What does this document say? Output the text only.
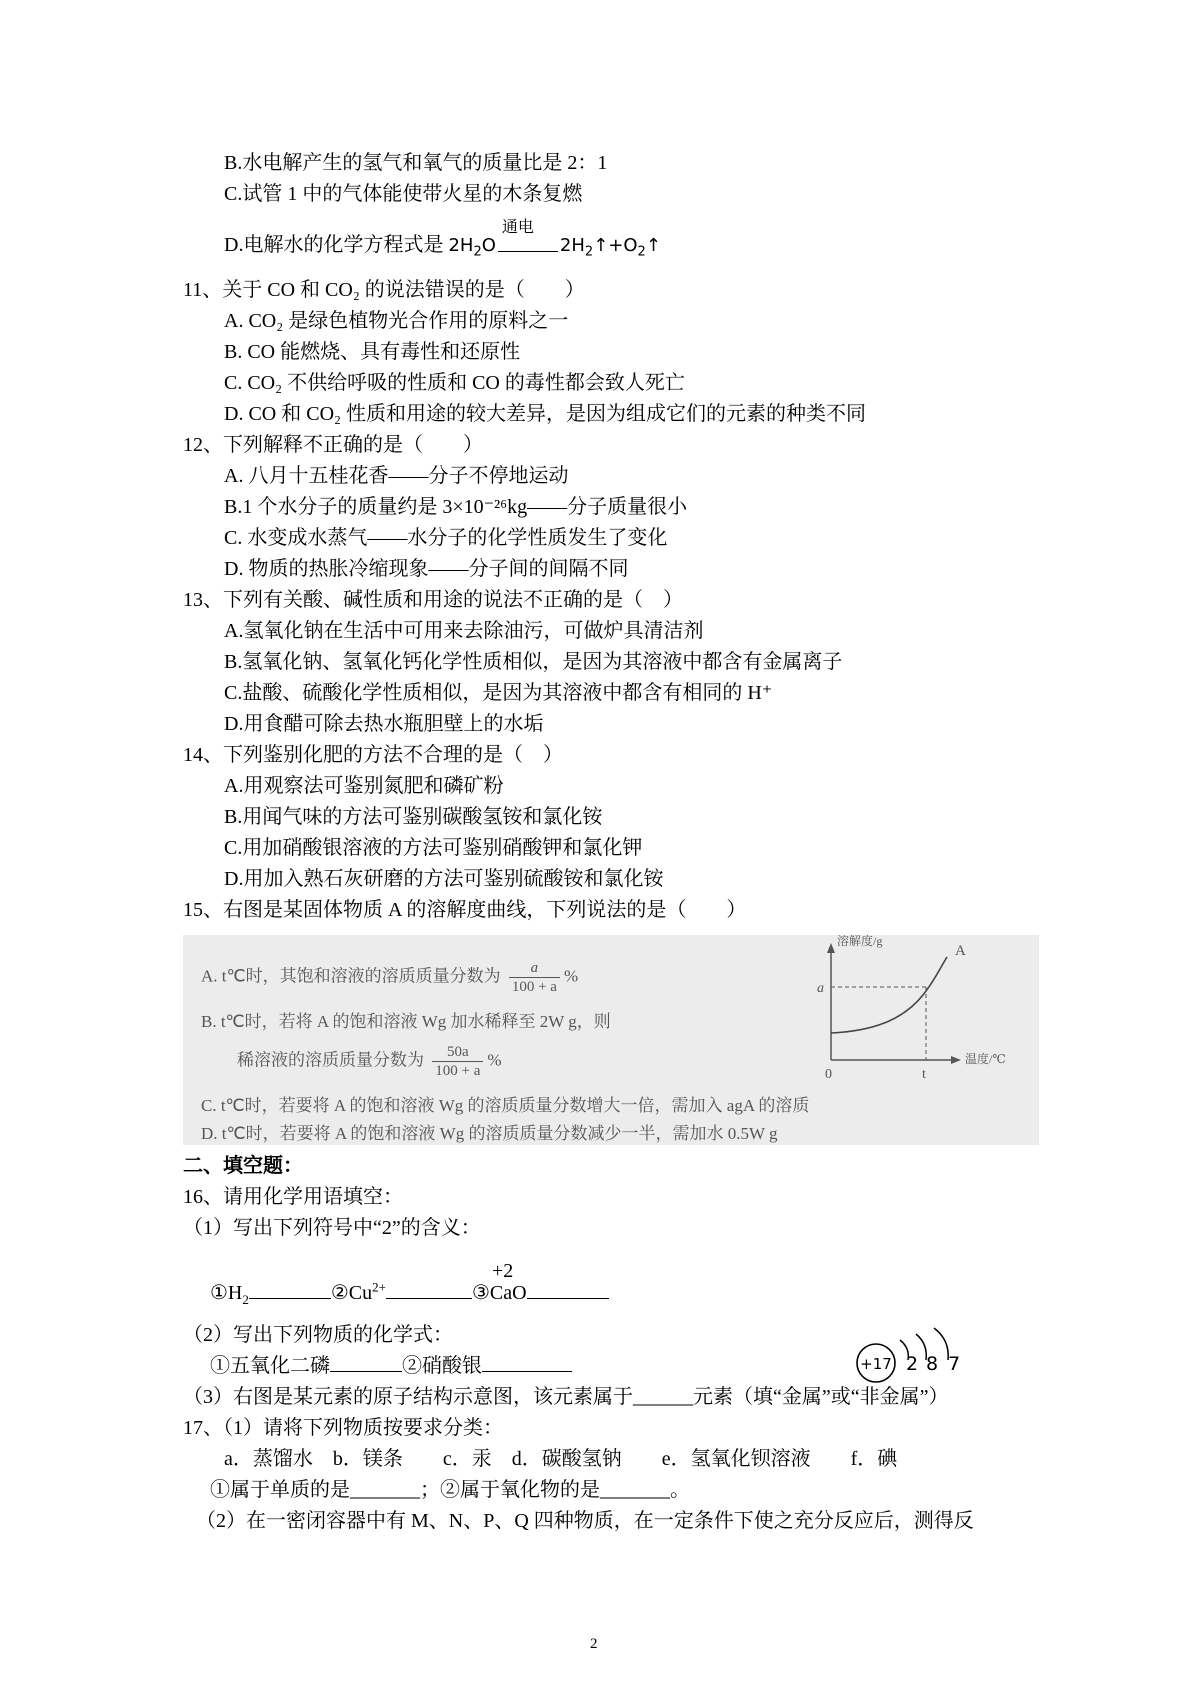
B.水电解产生的氢气和氧气的质量比是 2：1
C.试管 1 中的气体能使带火星的木条复燃
D.电解水的化学方程式是 $2H_2O$
通电
$2H_2↑+O_2↑$
11、关于 CO 和 CO₂ 的说法错误的是（　　）
A. CO₂ 是绿色植物光合作用的原料之一
B. CO 能燃烧、具有毒性和还原性
C. CO₂ 不供给呼吸的性质和 CO 的毒性都会致人死亡
D. CO 和 CO₂ 性质和用途的较大差异，是因为组成它们的元素的种类不同
12、下列解释不正确的是（　　）
A. 八月十五桂花香——分子不停地运动
B.1 个水分子的质量约是 3×10⁻²⁶kg——分子质量很小
C. 水变成水蒸气——水分子的化学性质发生了变化
D. 物质的热胀冷缩现象——分子间的间隔不同
13、下列有关酸、碱性质和用途的说法不正确的是（　）
A.氢氧化钠在生活中可用来去除油污，可做炉具清洁剂
B.氢氧化钠、氢氧化钙化学性质相似，是因为其溶液中都含有金属离子
C.盐酸、硫酸化学性质相似，是因为其溶液中都含有相同的 H⁺
D.用食醋可除去热水瓶胆壁上的水垢
14、下列鉴别化肥的方法不合理的是（　）
A.用观察法可鉴别氮肥和磷矿粉
B.用闻气味的方法可鉴别碳酸氢铵和氯化铵
C.用加硝酸银溶液的方法可鉴别硝酸钾和氯化钾
D.用加入熟石灰研磨的方法可鉴别硫酸铵和氯化铵
15、右图是某固体物质 A 的溶解度曲线，下列说法的是（　　）
A. t℃时，其饱和溶液的溶质质量分数为 $\frac{a}{100 + a}$ %
B. t℃时，若将 A 的饱和溶液 Wg 加水稀释至 2W g，则
稀溶液的溶质质量分数为 $\frac{50a}{100 + a}$ %
C. t℃时，若要将 A 的饱和溶液 Wg 的溶质质量分数增大一倍，需加入 agA 的溶质
D. t℃时，若要将 A 的饱和溶液 Wg 的溶质质量分数减少一半，需加水 0.5W g
溶解度/g
A
a
t
0
温度/℃
二、填空题：
16、请用化学用语填空：
（1）写出下列符号中“2”的含义：
$①H_2$	$②Cu^{2+}$
+2
③CaO
（2）写出下列物质的化学式：
①五氧化二磷	②硝酸银	+17 2 8 7
（3）右图是某元素的原子结构示意图，该元素属于______元素（填“金属”或“非金属”）
17、（1）请将下列物质按要求分类：
a．蒸馏水　b．镁条　　c．汞　d．碳酸氢钠　　e．氢氧化钡溶液　　f．碘
①属于单质的是_______；②属于氧化物的是_______。
（2）在一密闭容器中有 M、N、P、Q 四种物质，在一定条件下使之充分反应后，测得反
2
